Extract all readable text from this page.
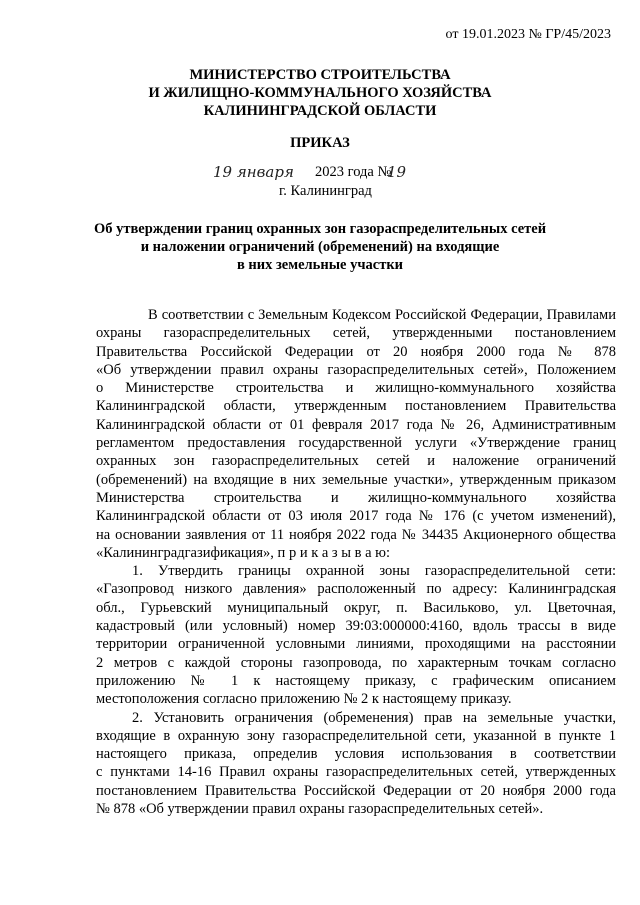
от 19.01.2023 № ГР/45/2023
МИНИСТЕРСТВО СТРОИТЕЛЬСТВА
И ЖИЛИЩНО-КОММУНАЛЬНОГО ХОЗЯЙСТВА
КАЛИНИНГРАДСКОЙ ОБЛАСТИ
ПРИКАЗ
19 января 2023 года №
19
г. Калининград
Об утверждении границ охранных зон газораспределительных сетей
и наложении ограничений (обременений) на входящие
в них земельные участки

В соответствии с Земельным Кодексом Российской Федерации, Правилами
охраны газораспределительных сетей, утвержденными постановлением
Правительства Российской Федерации от 20 ноября 2000 года № 878
«Об утверждении правил охраны газораспределительных сетей», Положением
о Министерстве строительства и жилищно-коммунального хозяйства
Калининградской области, утвержденным постановлением Правительства
Калининградской области от 01 февраля 2017 года № 26, Административным
регламентом предоставления государственной услуги «Утверждение границ
охранных зон газораспределительных сетей и наложение ограничений
(обременений) на входящие в них земельные участки», утвержденным приказом
Министерства строительства и жилищно-коммунального хозяйства
Калининградской области от 03 июля 2017 года № 176 (с учетом изменений),
на основании заявления от 11 ноября 2022 года № 34435 Акционерного общества
«Калининградгазификация», п р и к а з ы в а ю:

1. Утвердить границы охранной зоны газораспределительной сети:
«Газопровод низкого давления» расположенный по адресу: Калининградская
обл., Гурьевский муниципальный округ, п. Васильково, ул. Цветочная,
кадастровый (или условный) номер 39:03:000000:4160, вдоль трассы в виде
территории ограниченной условными линиями, проходящими на расстоянии
2 метров с каждой стороны газопровода, по характерным точкам согласно
приложению № 1 к настоящему приказу, с графическим описанием
местоположения согласно приложению № 2 к настоящему приказу.

2. Установить ограничения (обременения) прав на земельные участки,
входящие в охранную зону газораспределительной сети, указанной в пункте 1
настоящего приказа, определив условия использования в соответствии
с пунктами 14-16 Правил охраны газораспределительных сетей, утвержденных
постановлением Правительства Российской Федерации от 20 ноября 2000 года
№ 878 «Об утверждении правил охраны газораспределительных сетей».
